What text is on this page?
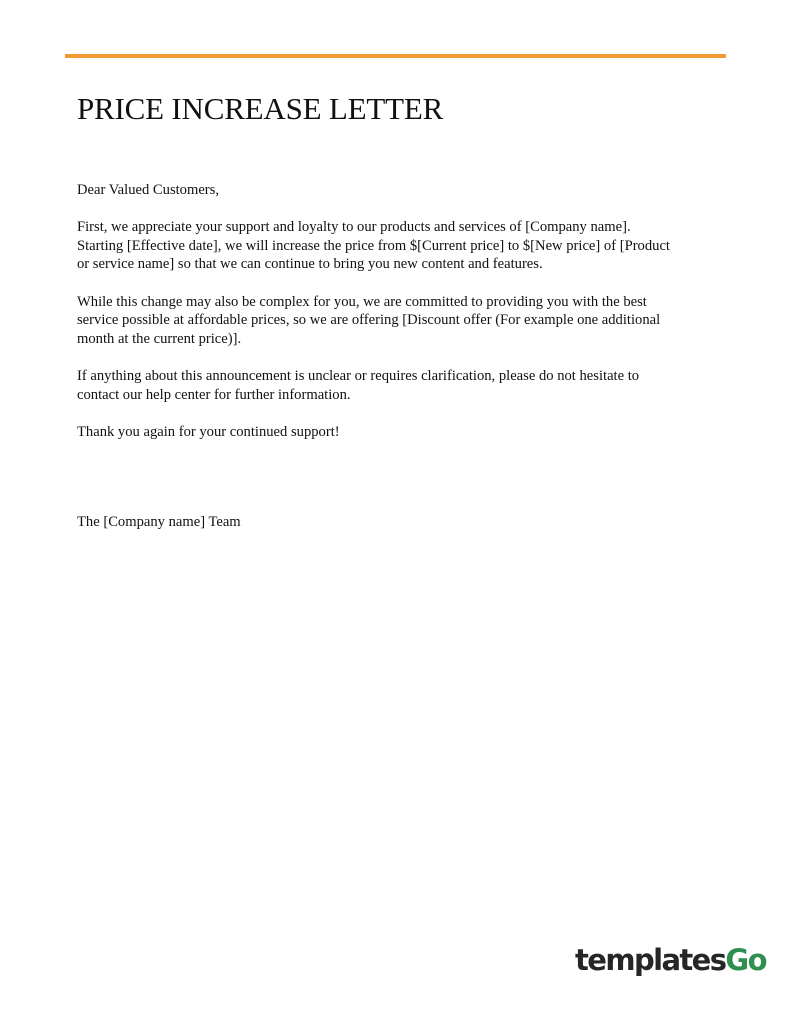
PRICE INCREASE LETTER

Dear Valued Customers,

First, we appreciate your support and loyalty to our products and services of [Company name].
Starting [Effective date], we will increase the price from $[Current price] to $[New price] of [Product
or service name] so that we can continue to bring you new content and features.

While this change may also be complex for you, we are committed to providing you with the best
service possible at affordable prices, so we are offering [Discount offer (For example one additional
month at the current price)].

If anything about this announcement is unclear or requires clarification, please do not hesitate to
contact our help center for further information.

Thank you again for your continued support!

The [Company name] Team
templates Go
